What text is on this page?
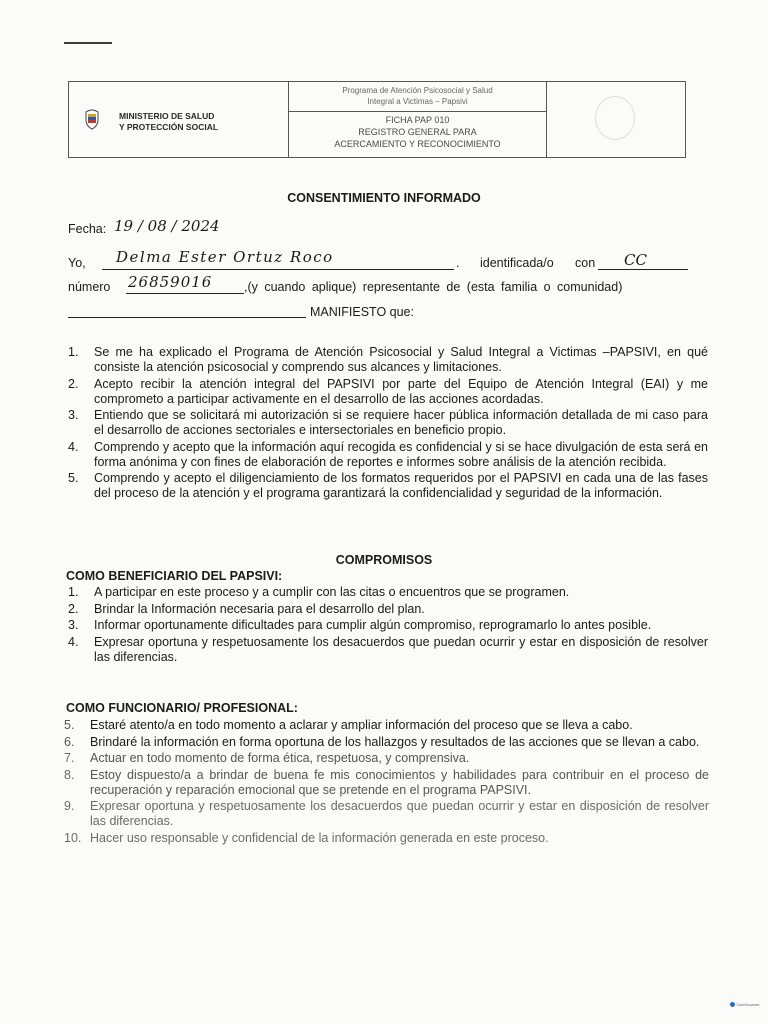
MINISTERIO DE SALUD
Y PROTECCIÓN SOCIAL
Programa de Atención Psicosocial y Salud
Integral a Victimas – Papsivi
FICHA PAP 010
REGISTRO GENERAL PARA
ACERCAMIENTO Y RECONOCIMIENTO
CONSENTIMIENTO INFORMADO
Fecha: 19 / 08 / 2024
Yo, Delma Ester Ortuz Roco	. identificada/o con CC
número 26859016	,(y cuando aplique) representante de (esta familia o comunidad)
MANIFIESTO que:
1. Se me ha explicado el Programa de Atención Psicosocial y Salud Integral a Victimas –PAPSIVI, en qué consiste la atención psicosocial y comprendo sus alcances y limitaciones.
2. Acepto recibir la atención integral del PAPSIVI por parte del Equipo de Atención Integral (EAI) y me comprometo a participar activamente en el desarrollo de las acciones acordadas.
3. Entiendo que se solicitará mi autorización si se requiere hacer pública información detallada de mi caso para el desarrollo de acciones sectoriales e intersectoriales en beneficio propio.
4. Comprendo y acepto que la información aquí recogida es confidencial y si se hace divulgación de esta será en forma anónima y con fines de elaboración de reportes e informes sobre análisis de la atención recibida.
5. Comprendo y acepto el diligenciamiento de los formatos requeridos por el PAPSIVI en cada una de las fases del proceso de la atención y el programa garantizará la confidencialidad y seguridad de la información.
COMPROMISOS
COMO BENEFICIARIO DEL PAPSIVI:
1. A participar en este proceso y a cumplir con las citas o encuentros que se programen.
2. Brindar la Información necesaria para el desarrollo del plan.
3. Informar oportunamente dificultades para cumplir algún compromiso, reprogramarlo lo antes posible.
4. Expresar oportuna y respetuosamente los desacuerdos que puedan ocurrir y estar en disposición de resolver las diferencias.
COMO FUNCIONARIO/ PROFESIONAL:
5. Estaré atento/a en todo momento a aclarar y ampliar información del proceso que se lleva a cabo.
6. Brindaré la información en forma oportuna de los hallazgos y resultados de las acciones que se llevan a cabo.
7. Actuar en todo momento de forma ética, respetuosa, y comprensiva.
8. Estoy dispuesto/a a brindar de buena fe mis conocimientos y habilidades para contribuir en el proceso de recuperación y reparación emocional que se pretende en el programa PAPSIVI.
9. Expresar oportuna y respetuosamente los desacuerdos que puedan ocurrir y estar en disposición de resolver las diferencias.
10. Hacer uso responsable y confidencial de la información generada en este proceso.
CamScanner
